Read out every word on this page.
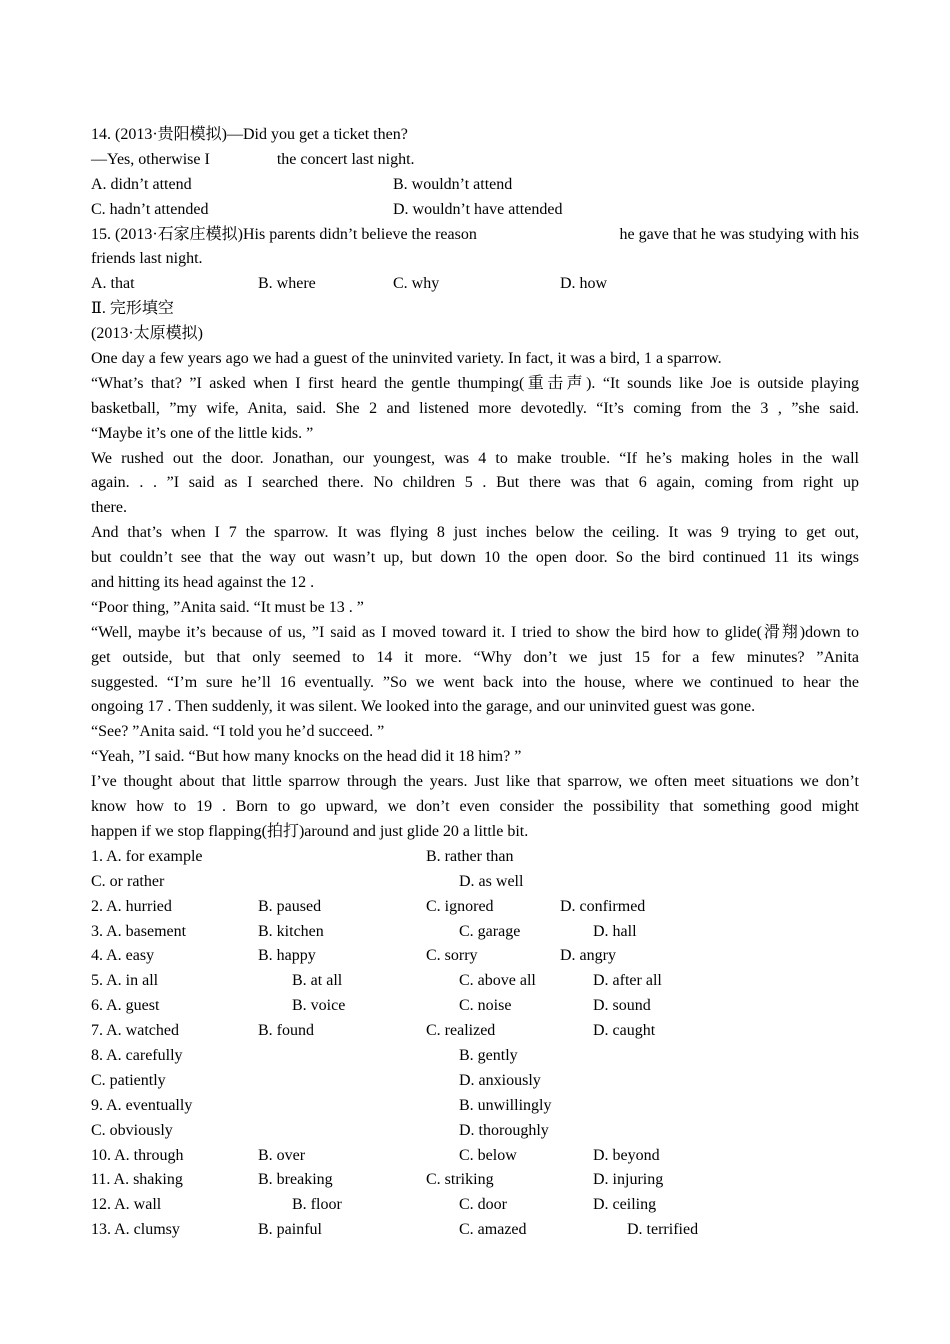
14. (2013·贵阳模拟)—Did you get a ticket then?
—Yes, otherwise I	the concert last night.
A. didn’t attend	B. wouldn’t attend
C. hadn’t attended	D. wouldn’t have attended
15. (2013·石家庄模拟)His parents didn’t believe the reason	he gave that he was studying with his
friends last night.
A. that	B. where	C. why	D. how
Ⅱ. 完形填空
(2013·太原模拟)
One day a few years ago we had a guest of the uninvited variety. In fact, it was a bird, 1 a sparrow.
“What’s that? ”I asked when I first heard the gentle thumping(重击声). “It sounds like Joe is outside playing
basketball, ”my wife, Anita, said. She 2 and listened more devotedly. “It’s coming from the 3 , ”she said.
“Maybe it’s one of the little kids. ”
We rushed out the door. Jonathan, our youngest, was 4 to make trouble. “If he’s making holes in the wall
again. . . ”I said as I searched there. No children 5 . But there was that 6 again, coming from right up
there.
And that’s when I 7 the sparrow. It was flying 8 just inches below the ceiling. It was 9 trying to get out,
but couldn’t see that the way out wasn’t up, but down 10 the open door. So the bird continued 11 its wings
and hitting its head against the 12 .
“Poor thing, ”Anita said. “It must be 13 . ”
“Well, maybe it’s because of us, ”I said as I moved toward it. I tried to show the bird how to glide(滑翔)down to
get outside, but that only seemed to 14 it more. “Why don’t we just 15 for a few minutes? ”Anita
suggested. “I’m sure he’ll 16 eventually. ”So we went back into the house, where we continued to hear the
ongoing 17 . Then suddenly, it was silent. We looked into the garage, and our uninvited guest was gone.
“See? ”Anita said. “I told you he’d succeed. ”
“Yeah, ”I said. “But how many knocks on the head did it 18 him? ”
I’ve thought about that little sparrow through the years. Just like that sparrow, we often meet situations we don’t
know how to 19 . Born to go upward, we don’t even consider the possibility that something good might
happen if we stop flapping(拍打)around and just glide 20 a little bit.
1. A. for example	B. rather than
C. or rather	D. as well
2. A. hurried	B. paused	C. ignored	D. confirmed
3. A. basement	B. kitchen	C. garage	D. hall
4. A. easy	B. happy	C. sorry	D. angry
5. A. in all	B. at all	C. above all	D. after all
6. A. guest	B. voice	C. noise	D. sound
7. A. watched	B. found	C. realized	D. caught
8. A. carefully	B. gently
C. patiently	D. anxiously
9. A. eventually	B. unwillingly
C. obviously	D. thoroughly
10. A. through	B. over	C. below	D. beyond
11. A. shaking	B. breaking	C. striking	D. injuring
12. A. wall	B. floor	C. door	D. ceiling
13. A. clumsy	B. painful	C. amazed	D. terrified
